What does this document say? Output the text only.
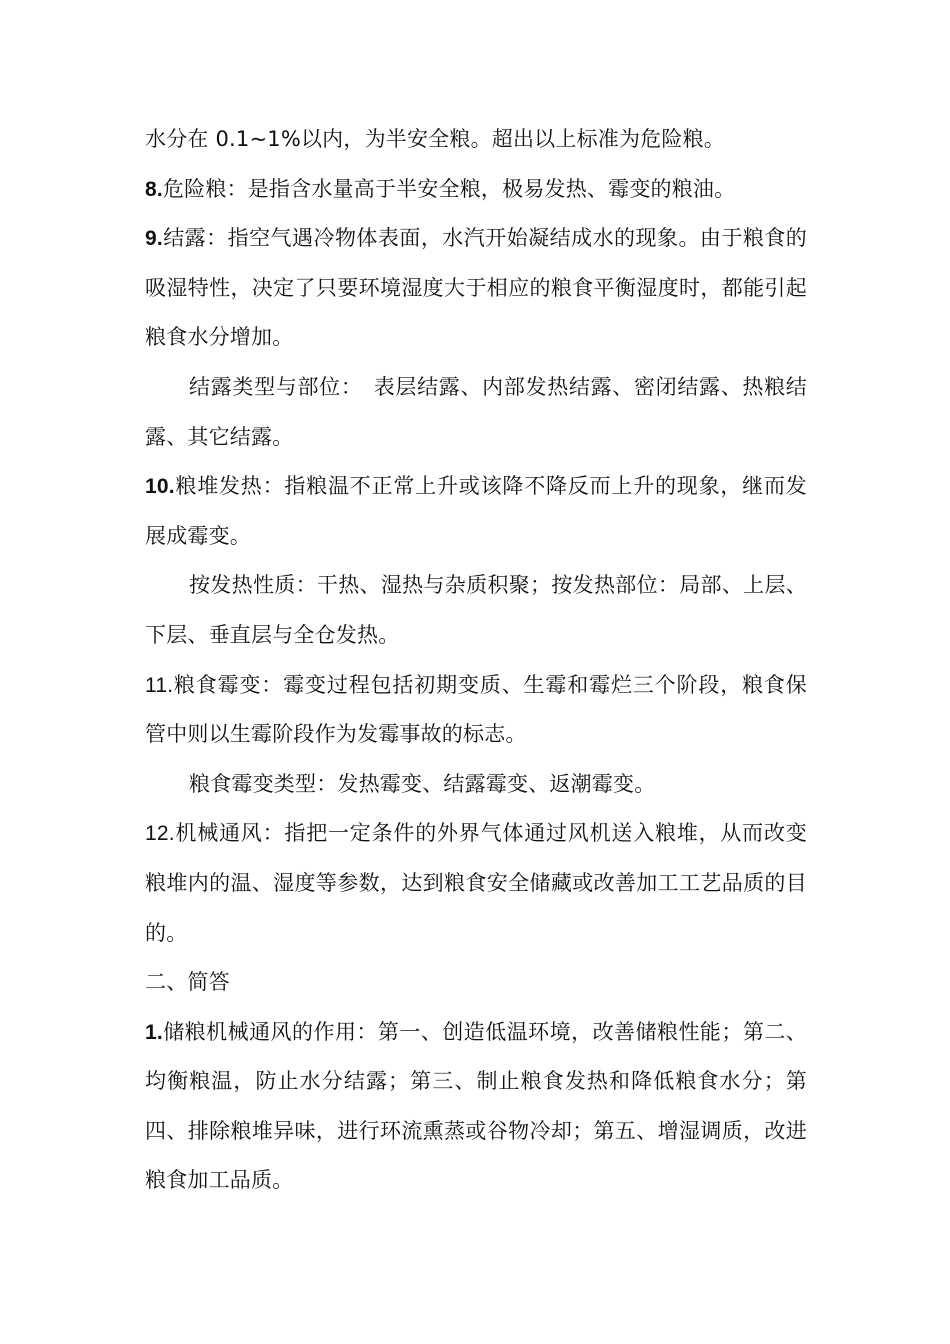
水分在 0.1~1%以内，为半安全粮。超出以上标准为危险粮。

8.危险粮：是指含水量高于半安全粮，极易发热、霉变的粮油。

9.结露：指空气遇冷物体表面，水汽开始凝结成水的现象。由于粮食的吸湿特性，决定了只要环境湿度大于相应的粮食平衡湿度时，都能引起粮食水分增加。

结露类型与部位：　表层结露、内部发热结露、密闭结露、热粮结露、其它结露。

10.粮堆发热：指粮温不正常上升或该降不降反而上升的现象，继而发展成霉变。

按发热性质：干热、湿热与杂质积聚；按发热部位：局部、上层、下层、垂直层与全仓发热。

11.粮食霉变：霉变过程包括初期变质、生霉和霉烂三个阶段，粮食保管中则以生霉阶段作为发霉事故的标志。

粮食霉变类型：发热霉变、结露霉变、返潮霉变。

12.机械通风：指把一定条件的外界气体通过风机送入粮堆，从而改变粮堆内的温、湿度等参数，达到粮食安全储藏或改善加工工艺品质的目的。

二、简答

1.储粮机械通风的作用：第一、创造低温环境，改善储粮性能；第二、均衡粮温，防止水分结露；第三、制止粮食发热和降低粮食水分；第四、排除粮堆异味，进行环流熏蒸或谷物冷却；第五、增湿调质，改进粮食加工品质。
